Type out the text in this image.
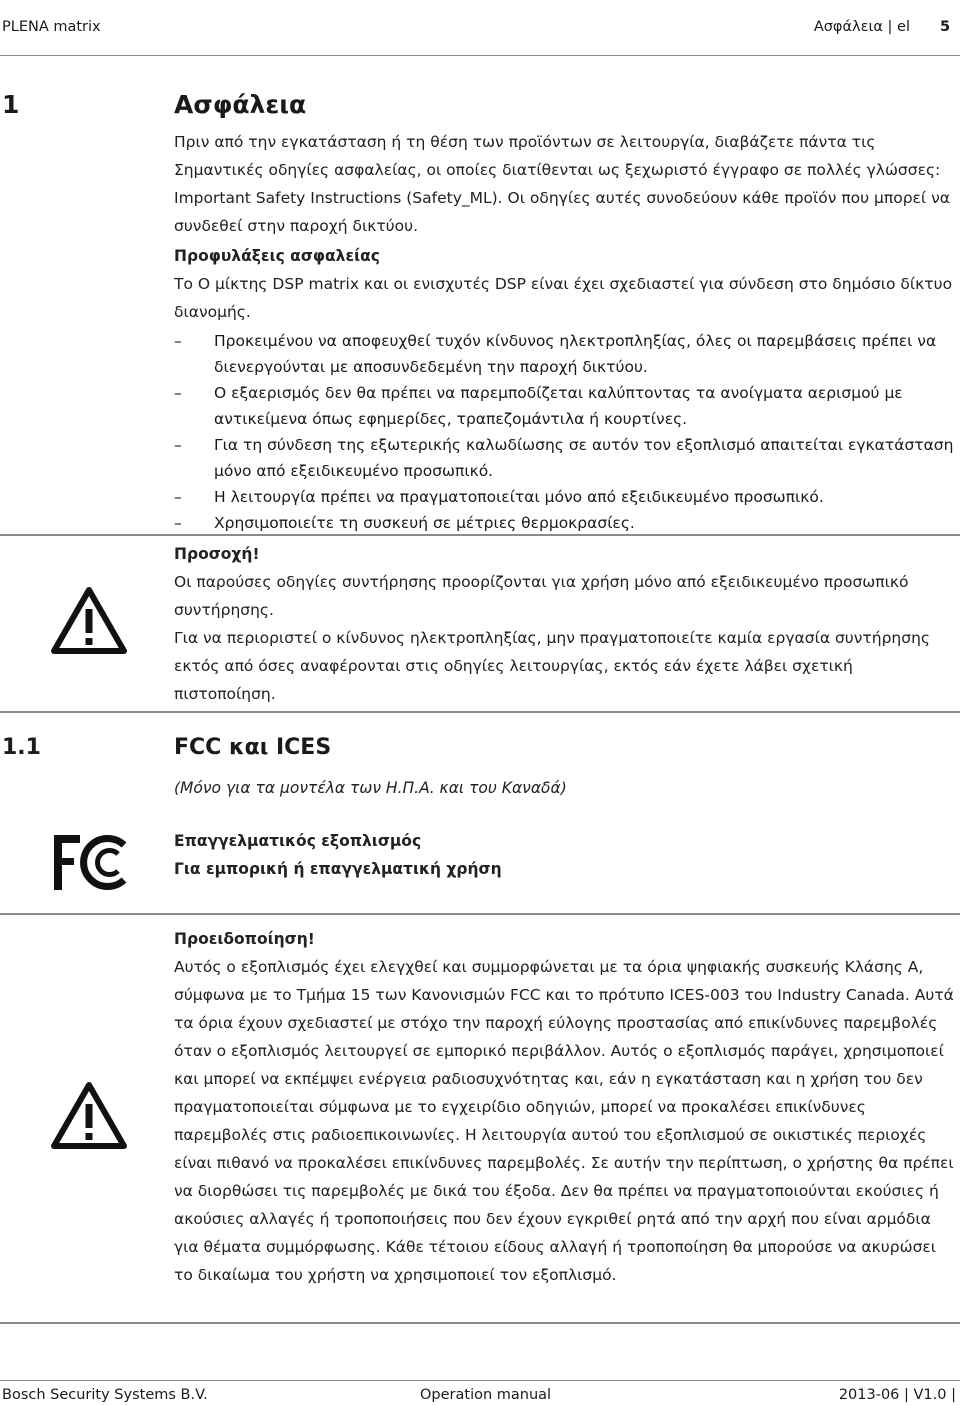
PLENA matrix	Ασφάλεια | el 5
1	Ασφάλεια
Πριν από την εγκατάσταση ή τη θέση των προϊόντων σε λειτουργία, διαβάζετε πάντα τις Σημαντικές οδηγίες ασφαλείας, οι οποίες διατίθενται ως ξεχωριστό έγγραφο σε πολλές γλώσσες: Important Safety Instructions (Safety_ML). Οι οδηγίες αυτές συνοδεύουν κάθε προϊόν που μπορεί να συνδεθεί στην παροχή δικτύου.
Προφυλάξεις ασφαλείας
Το Ο μίκτης DSP matrix και οι ενισχυτές DSP είναι έχει σχεδιαστεί για σύνδεση στο δημόσιο δίκτυο διανομής.
– Προκειμένου να αποφευχθεί τυχόν κίνδυνος ηλεκτροπληξίας, όλες οι παρεμβάσεις πρέπει να διενεργούνται με αποσυνδεδεμένη την παροχή δικτύου.
– Ο εξαερισμός δεν θα πρέπει να παρεμποδίζεται καλύπτοντας τα ανοίγματα αερισμού με αντικείμενα όπως εφημερίδες, τραπεζομάντιλα ή κουρτίνες.
– Για τη σύνδεση της εξωτερικής καλωδίωσης σε αυτόν τον εξοπλισμό απαιτείται εγκατάσταση μόνο από εξειδικευμένο προσωπικό.
– Η λειτουργία πρέπει να πραγματοποιείται μόνο από εξειδικευμένο προσωπικό.
– Χρησιμοποιείτε τη συσκευή σε μέτριες θερμοκρασίες.
Προσοχή!
Οι παρούσες οδηγίες συντήρησης προορίζονται για χρήση μόνο από εξειδικευμένο προσωπικό συντήρησης.
Για να περιοριστεί ο κίνδυνος ηλεκτροπληξίας, μην πραγματοποιείτε καμία εργασία συντήρησης εκτός από όσες αναφέρονται στις οδηγίες λειτουργίας, εκτός εάν έχετε λάβει σχετική πιστοποίηση.
1.1	FCC και ICES
(Μόνο για τα μοντέλα των Η.Π.Α. και του Καναδά)
Επαγγελματικός εξοπλισμός
Για εμπορική ή επαγγελματική χρήση
Προειδοποίηση!
Αυτός ο εξοπλισμός έχει ελεγχθεί και συμμορφώνεται με τα όρια ψηφιακής συσκευής Κλάσης A, σύμφωνα με το Τμήμα 15 των Κανονισμών FCC και το πρότυπο ICES-003 του Industry Canada. Αυτά τα όρια έχουν σχεδιαστεί με στόχο την παροχή εύλογης προστασίας από επικίνδυνες παρεμβολές όταν ο εξοπλισμός λειτουργεί σε εμπορικό περιβάλλον. Αυτός ο εξοπλισμός παράγει, χρησιμοποιεί και μπορεί να εκπέμψει ενέργεια ραδιοσυχνότητας και, εάν η εγκατάσταση και η χρήση του δεν πραγματοποιείται σύμφωνα με το εγχειρίδιο οδηγιών, μπορεί να προκαλέσει επικίνδυνες παρεμβολές στις ραδιοεπικοινωνίες. Η λειτουργία αυτού του εξοπλισμού σε οικιστικές περιοχές είναι πιθανό να προκαλέσει επικίνδυνες παρεμβολές. Σε αυτήν την περίπτωση, ο χρήστης θα πρέπει να διορθώσει τις παρεμβολές με δικά του έξοδα. Δεν θα πρέπει να πραγματοποιούνται εκούσιες ή ακούσιες αλλαγές ή τροποποιήσεις που δεν έχουν εγκριθεί ρητά από την αρχή που είναι αρμόδια για θέματα συμμόρφωσης. Κάθε τέτοιου είδους αλλαγή ή τροποποίηση θα μπορούσε να ακυρώσει το δικαίωμα του χρήστη να χρησιμοποιεί τον εξοπλισμό.
Bosch Security Systems B.V.	Operation manual	2013-06 | V1.0 |
